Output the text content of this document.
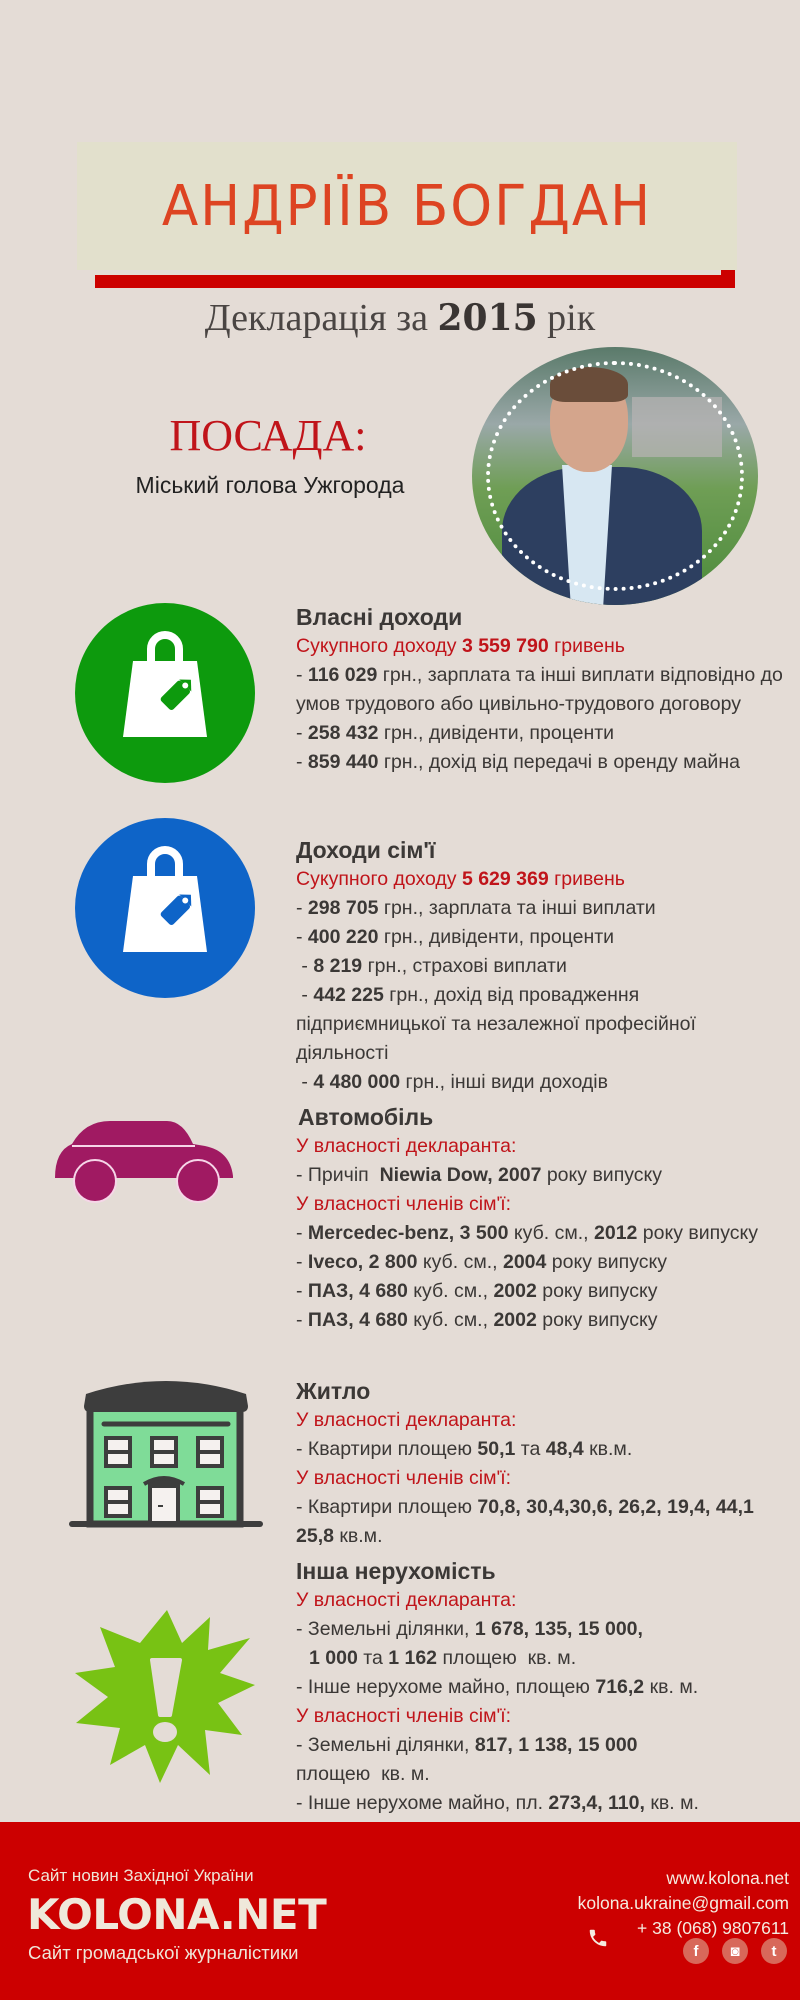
АНДРІЇВ БОГДАН
Декларація за 2015 рік
ПОСАДА:
Міський голова Ужгорода
Власні доходи
Сукупного доходу 3 559 790 гривень
- 116 029 грн., зарплата та інші виплати відповідно до умов трудового або цивільно-трудового договору
- 258 432 грн., дивіденти, проценти
- 859 440 грн., дохід від передачі в оренду майна
Доходи сім'ї
Сукупного доходу 5 629 369 гривень
- 298 705 грн., зарплата та інші виплати
- 400 220 грн., дивіденти, проценти
- 8 219 грн., страхові виплати
- 442 225 грн., дохід від провадження підприємницької та незалежної професійної діяльності
- 4 480 000 грн., інші види доходів
Автомобіль
У власності декларанта:
- Причіп  Niewia Dow, 2007 року випуску
У власності членів сім'ї:
- Mercedec-benz, 3 500 куб. см., 2012 року випуску
- Iveco, 2 800 куб. см., 2004 року випуску
- ПАЗ, 4 680 куб. см., 2002 року випуску
- ПАЗ, 4 680 куб. см., 2002 року випуску
Житло
У власності декларанта:
- Квартири площею 50,1 та 48,4 кв.м.
У власності членів сім'ї:
- Квартири площею 70,8, 30,4,30,6, 26,2, 19,4, 44,1  25,8 кв.м.
Інша нерухомість
У власності декларанта:
- Земельні ділянки, 1 678, 135, 15 000,
1 000 та 1 162 площею  кв. м.
- Інше нерухоме майно, площею 716,2 кв. м.
У власності членів сім'ї:
- Земельні ділянки, 817, 1 138, 15 000
площею  кв. м.
- Інше нерухоме майно, пл. 273,4, 110, кв. м.
Сайт новин Західної України
KOLONA.NET
Сайт громадської журналістики
www.kolona.net
kolona.ukraine@gmail.com
+ 38 (068) 9807611
f	◙	t
